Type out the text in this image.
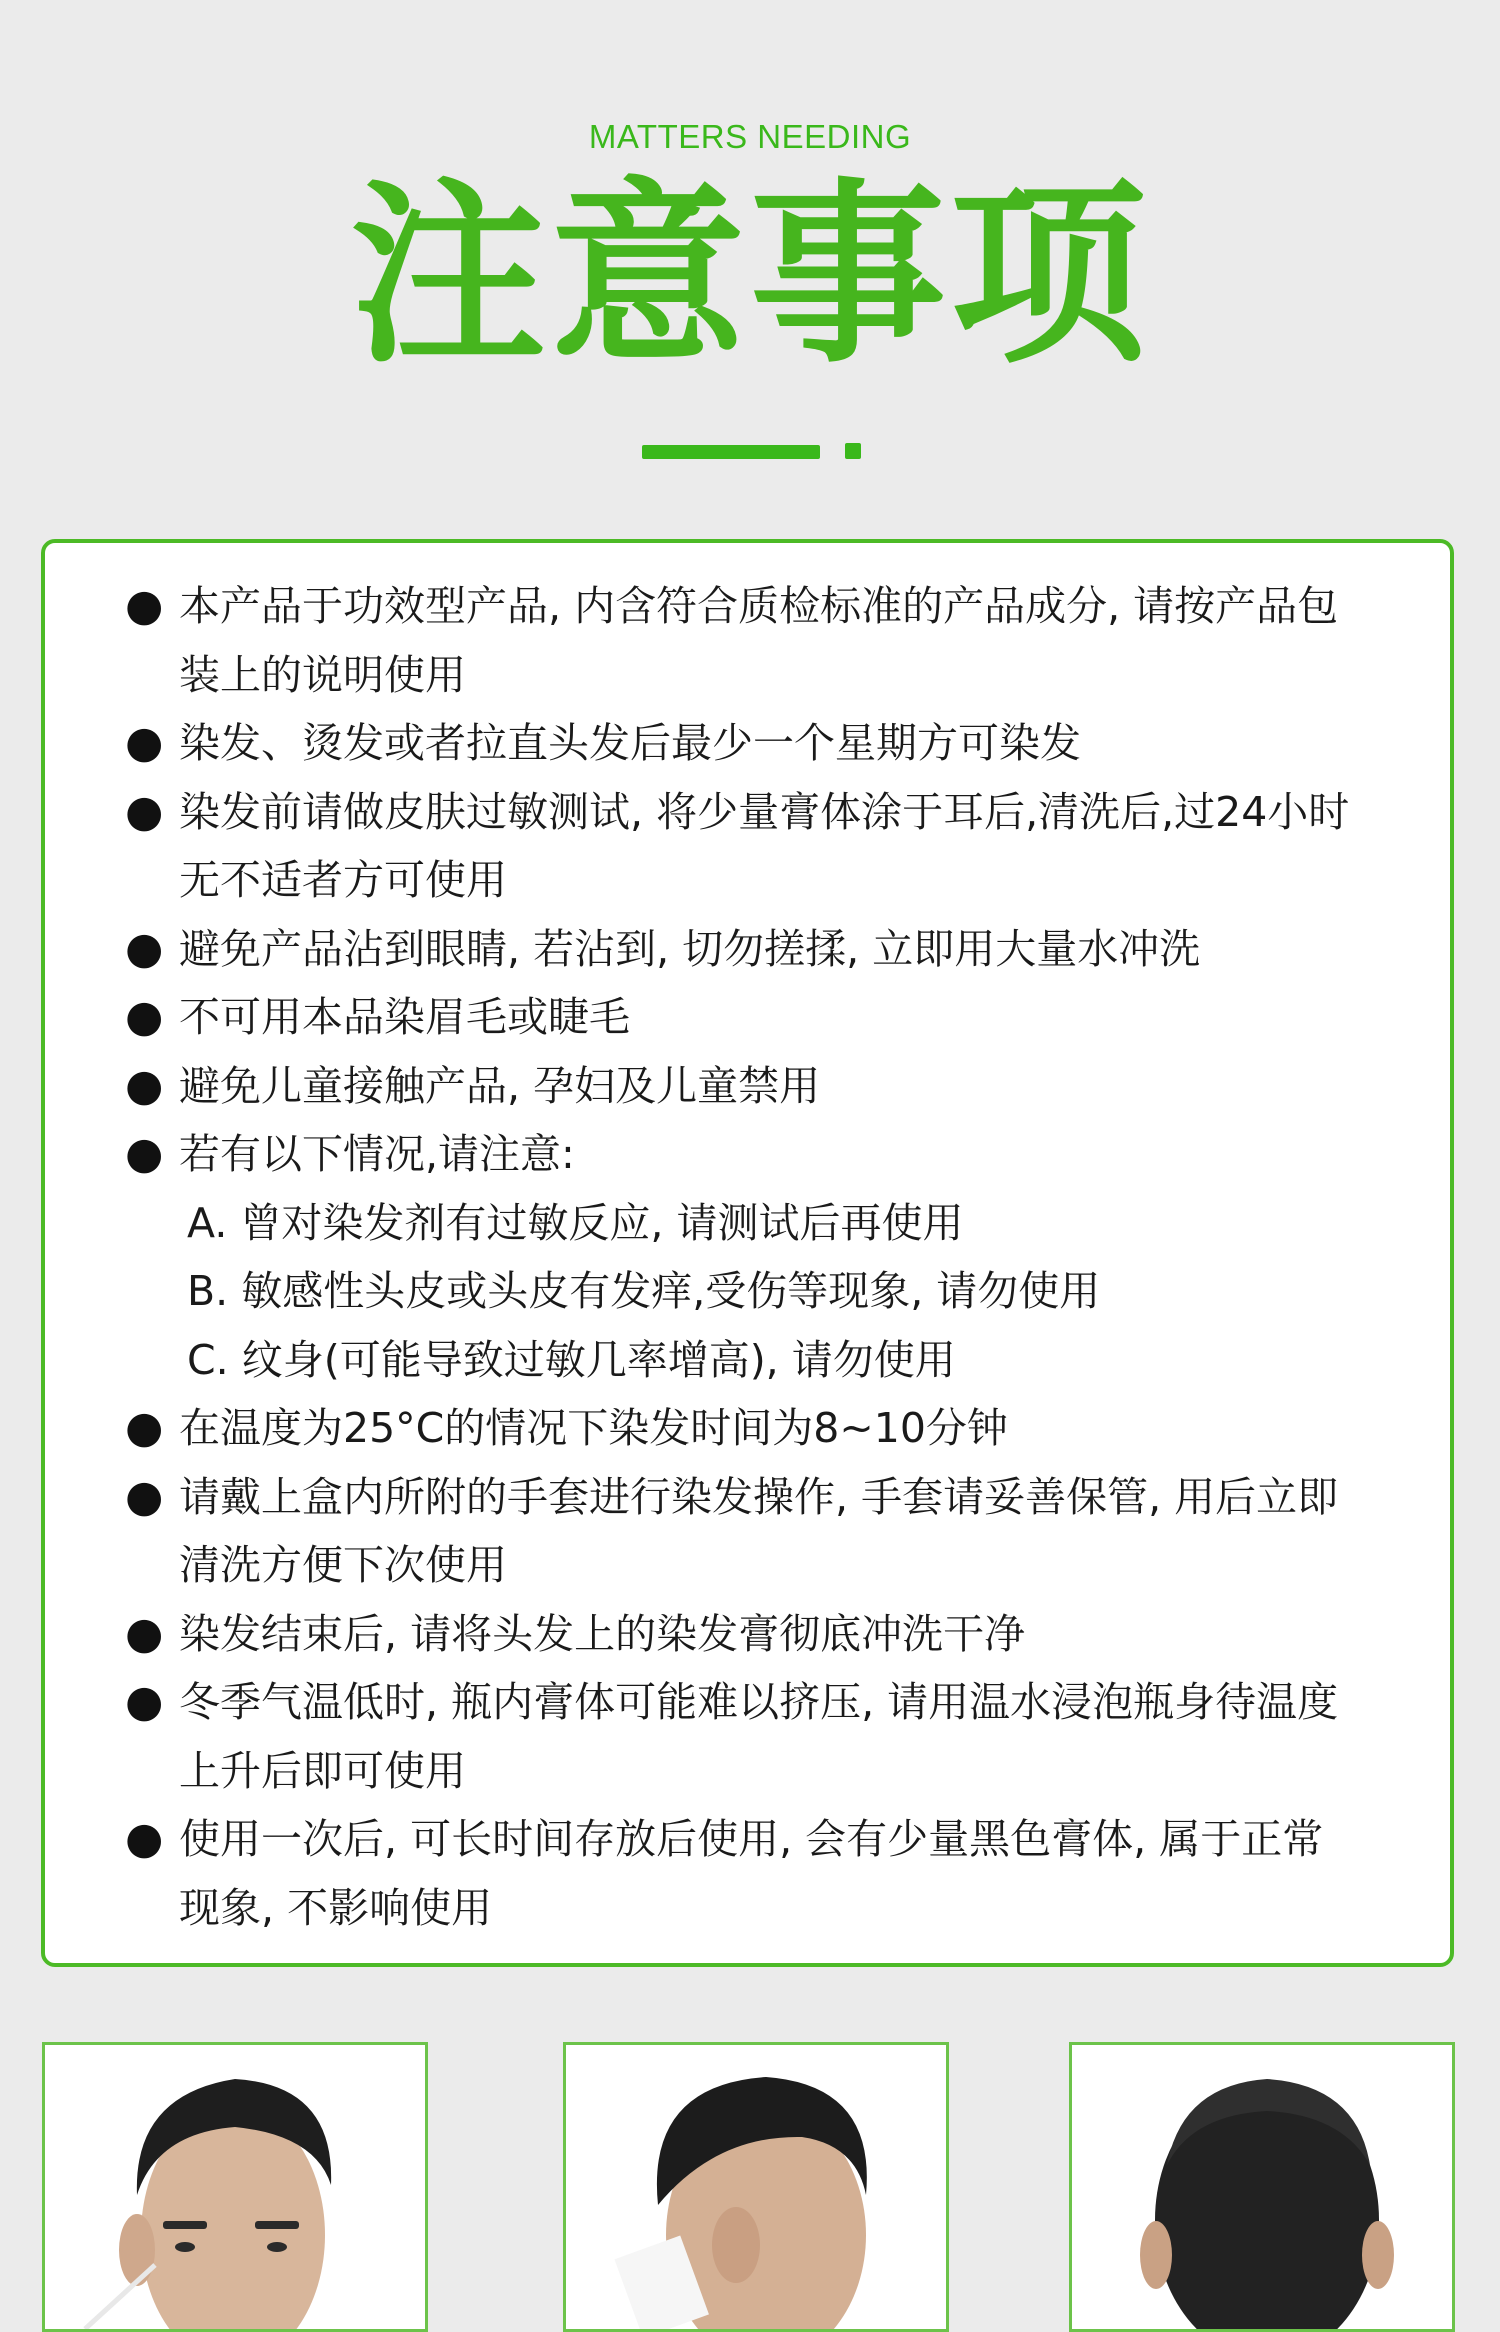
MATTERS NEEDING
注意事项
● 本产品于功效型产品, 内含符合质检标准的产品成分, 请按产品包装上的说明使用
● 染发、烫发或者拉直头发后最少一个星期方可染发
● 染发前请做皮肤过敏测试, 将少量膏体涂于耳后,清洗后,过24小时无不适者方可使用
● 避免产品沾到眼睛, 若沾到, 切勿搓揉, 立即用大量水冲洗
● 不可用本品染眉毛或睫毛
● 避免儿童接触产品, 孕妇及儿童禁用
● 若有以下情况,请注意:
A. 曾对染发剂有过敏反应, 请测试后再使用
B. 敏感性头皮或头皮有发痒,受伤等现象, 请勿使用
C. 纹身(可能导致过敏几率增高), 请勿使用
● 在温度为25°C的情况下染发时间为8~10分钟
● 请戴上盒内所附的手套进行染发操作, 手套请妥善保管, 用后立即清洗方便下次使用
● 染发结束后, 请将头发上的染发膏彻底冲洗干净
● 冬季气温低时, 瓶内膏体可能难以挤压, 请用温水浸泡瓶身待温度上升后即可使用
● 使用一次后, 可长时间存放后使用, 会有少量黑色膏体, 属于正常现象, 不影响使用
